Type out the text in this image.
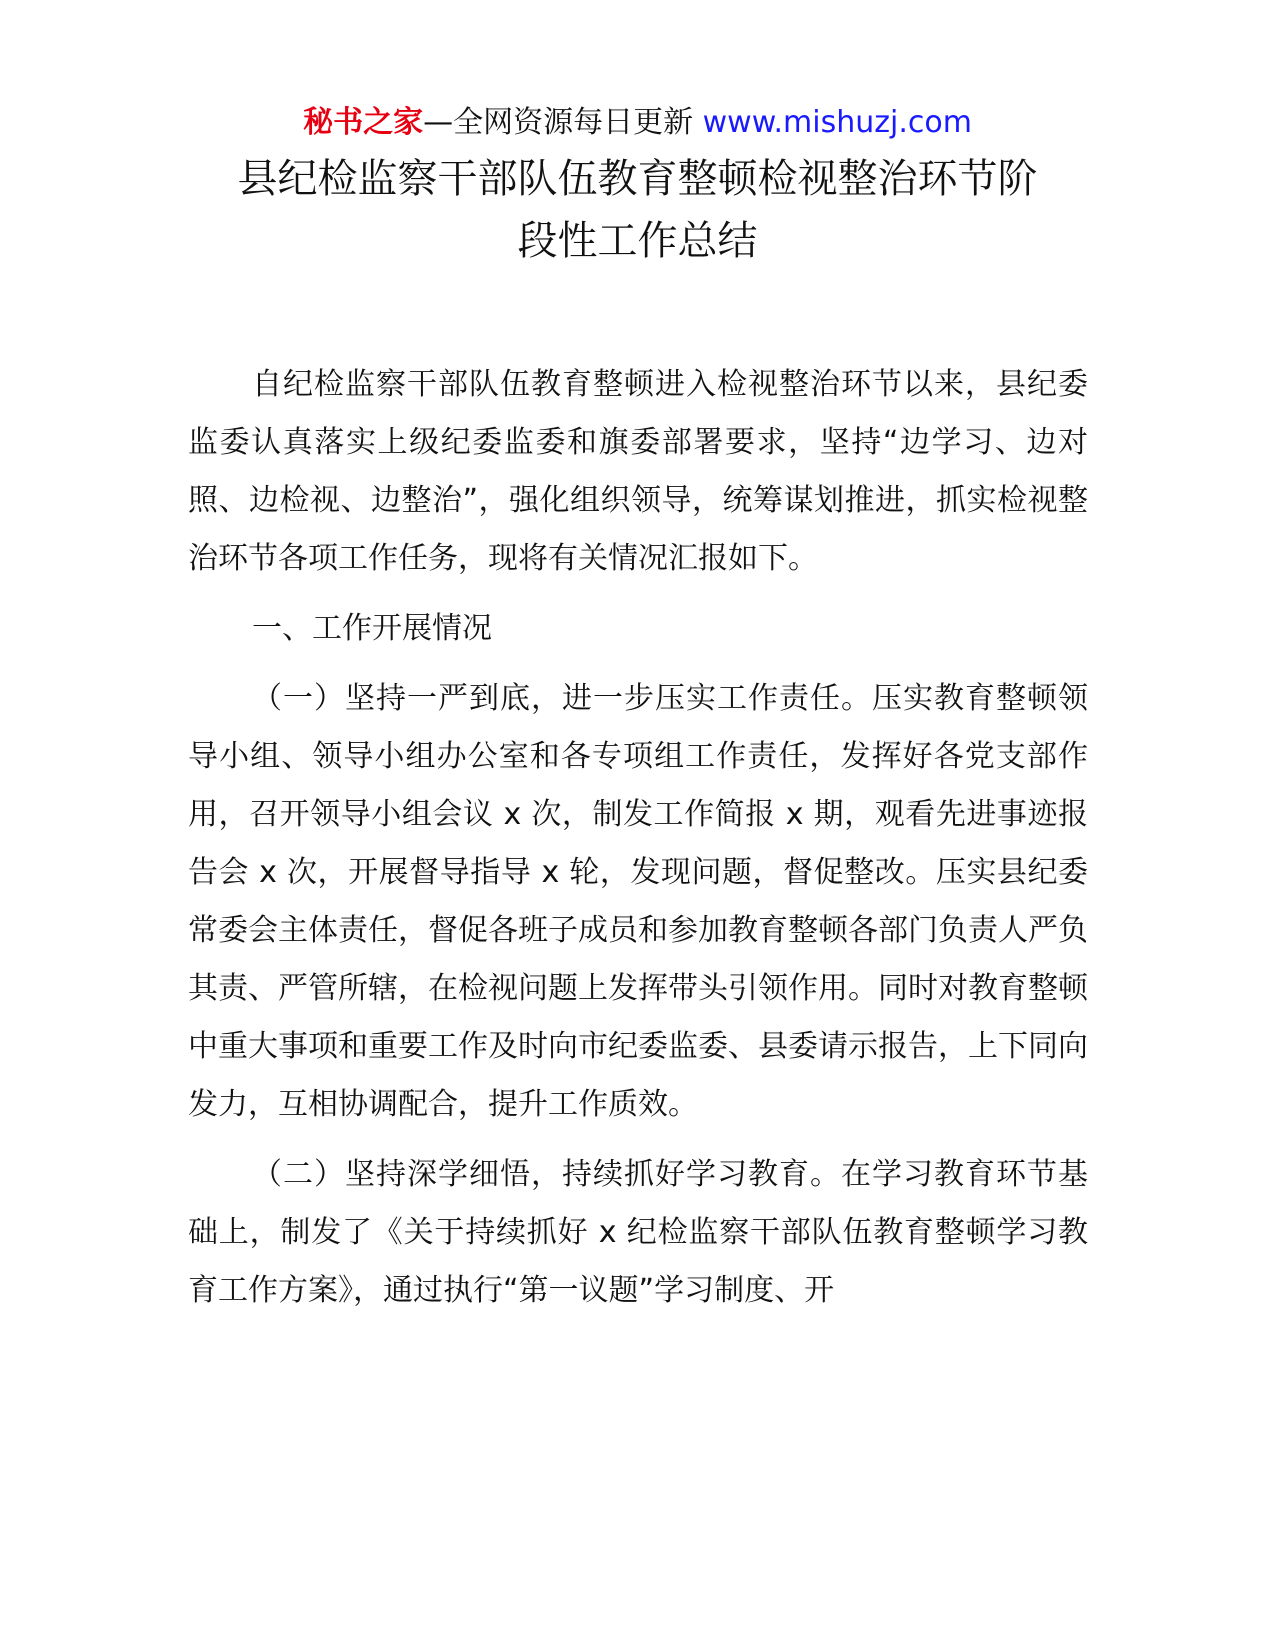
秘书之家—全网资源每日更新 www.mishuzj.com
县纪检监察干部队伍教育整顿检视整治环节阶
段性工作总结

自纪检监察干部队伍教育整顿进入检视整治环节以来，县纪委监委认真落实上级纪委监委和旗委部署要求，坚持“边学习、边对照、边检视、边整治”，强化组织领导，统筹谋划推进，抓实检视整治环节各项工作任务，现将有关情况汇报如下。

一、工作开展情况

（一）坚持一严到底，进一步压实工作责任。压实教育整顿领导小组、领导小组办公室和各专项组工作责任，发挥好各党支部作用，召开领导小组会议 x 次，制发工作简报 x 期，观看先进事迹报告会 x 次，开展督导指导 x 轮，发现问题，督促整改。压实县纪委常委会主体责任，督促各班子成员和参加教育整顿各部门负责人严负其责、严管所辖，在检视问题上发挥带头引领作用。同时对教育整顿中重大事项和重要工作及时向市纪委监委、县委请示报告，上下同向发力，互相协调配合，提升工作质效。

（二）坚持深学细悟，持续抓好学习教育。在学习教育环节基础上，制发了《关于持续抓好 x 纪检监察干部队伍教育整顿学习教育工作方案》，通过执行“第一议题”学习制度、开
